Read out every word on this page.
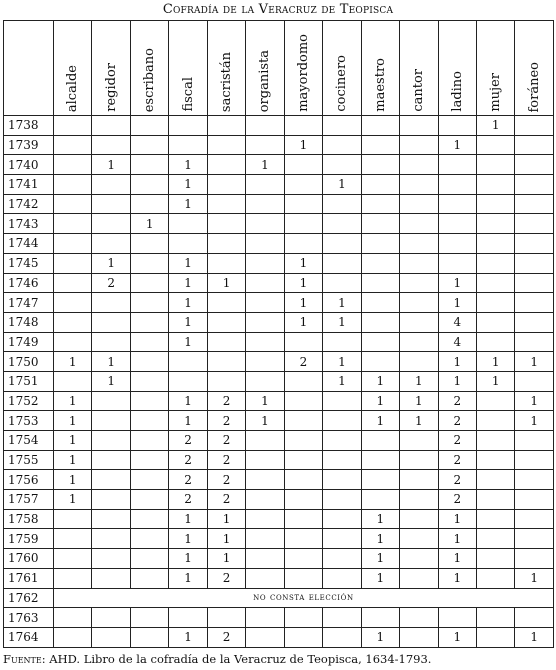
Cofradía de la Veracruz de Teopisca
	alcalde	regidor	escribano	fiscal	sacristán	organista	mayordomo	cocinero	maestro	cantor	ladino	mujer	foráneo
1738												1	
1739							1				1		
1740		1		1		1							
1741				1				1					
1742				1									
1743			1										
1744													
1745		1		1			1						
1746		2		1	1		1				1		
1747				1			1	1			1		
1748				1			1	1			4		
1749				1							4		
1750	1	1					2	1			1	1	1
1751		1						1	1	1	1	1	
1752	1			1	2	1			1	1	2		1
1753	1			1	2	1			1	1	2		1
1754	1			2	2						2		
1755	1			2	2						2		
1756	1			2	2						2		
1757	1			2	2						2		
1758				1	1				1		1		
1759				1	1				1		1		
1760				1	1				1		1		
1761				1	2				1		1		1
1762	no consta elección												
1763													
1764				1	2				1		1		1
Fuente: AHD. Libro de la cofradía de la Veracruz de Teopisca, 1634-1793.
